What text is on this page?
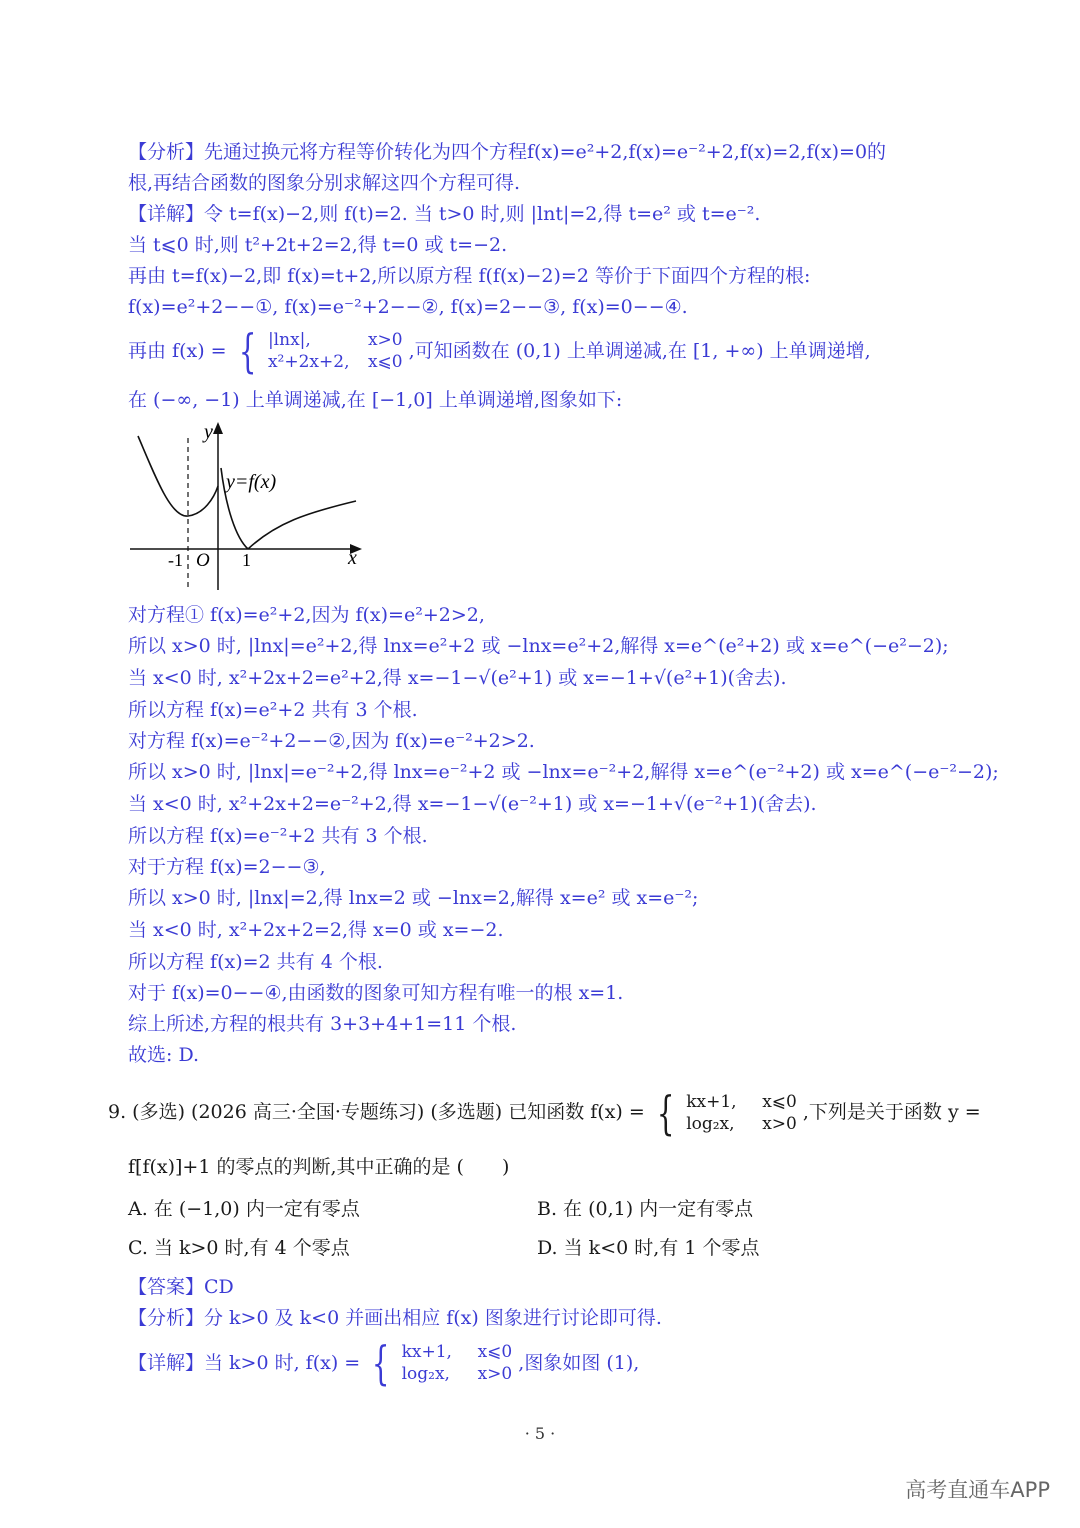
【分析】先通过换元将方程等价转化为四个方程f(x)=e²+2,f(x)=e⁻²+2,f(x)=2,f(x)=0的
根,再结合函数的图象分别求解这四个方程可得.
【详解】令 t=f(x)−2,则 f(t)=2. 当 t>0 时,则 |lnt|=2,得 t=e² 或 t=e⁻².
当 t⩽0 时,则 t²+2t+2=2,得 t=0 或 t=−2.
再由 t=f(x)−2,即 f(x)=t+2,所以原方程 f(f(x)−2)=2 等价于下面四个方程的根:
f(x)=e²+2−−①, f(x)=e⁻²+2−−②, f(x)=2−−③, f(x)=0−−④.
再由 f(x) = { |lnx|,	x>0
x²+2x+2, x⩽0 ,可知函数在 (0,1) 上单调递减,在 [1, +∞) 上单调递增,
在 (−∞, −1) 上单调递减,在 [−1,0] 上单调递增,图象如下:
y
x
O
-1	1
y=f(x)
对方程① f(x)=e²+2,因为 f(x)=e²+2>2,
所以 x>0 时, |lnx|=e²+2,得 lnx=e²+2 或 −lnx=e²+2,解得 x=e^(e²+2) 或 x=e^(−e²−2);
当 x<0 时, x²+2x+2=e²+2,得 x=−1−√(e²+1) 或 x=−1+√(e²+1)(舍去).
所以方程 f(x)=e²+2 共有 3 个根.
对方程 f(x)=e⁻²+2−−②,因为 f(x)=e⁻²+2>2.
所以 x>0 时, |lnx|=e⁻²+2,得 lnx=e⁻²+2 或 −lnx=e⁻²+2,解得 x=e^(e⁻²+2) 或 x=e^(−e⁻²−2);
当 x<0 时, x²+2x+2=e⁻²+2,得 x=−1−√(e⁻²+1) 或 x=−1+√(e⁻²+1)(舍去).
所以方程 f(x)=e⁻²+2 共有 3 个根.
对于方程 f(x)=2−−③,
所以 x>0 时, |lnx|=2,得 lnx=2 或 −lnx=2,解得 x=e² 或 x=e⁻²;
当 x<0 时, x²+2x+2=2,得 x=0 或 x=−2.
所以方程 f(x)=2 共有 4 个根.
对于 f(x)=0−−④,由函数的图象可知方程有唯一的根 x=1.
综上所述,方程的根共有 3+3+4+1=11 个根.
故选: D.
9. (多选) (2026 高三·全国·专题练习) (多选题) 已知函数 f(x) = { kx+1, x⩽0
log₂x, x>0
,下列是关于函数 y =
f[f(x)]+1 的零点的判断,其中正确的是 (　　)
A. 在 (−1,0) 内一定有零点	B. 在 (0,1) 内一定有零点
C. 当 k>0 时,有 4 个零点	D. 当 k<0 时,有 1 个零点
【答案】CD
【分析】分 k>0 及 k<0 并画出相应 f(x) 图象进行讨论即可得.
【详解】当 k>0 时, f(x) = { kx+1, x⩽0
log₂x, x>0 ,图象如图 (1),
· 5 ·
高考直通车APP
